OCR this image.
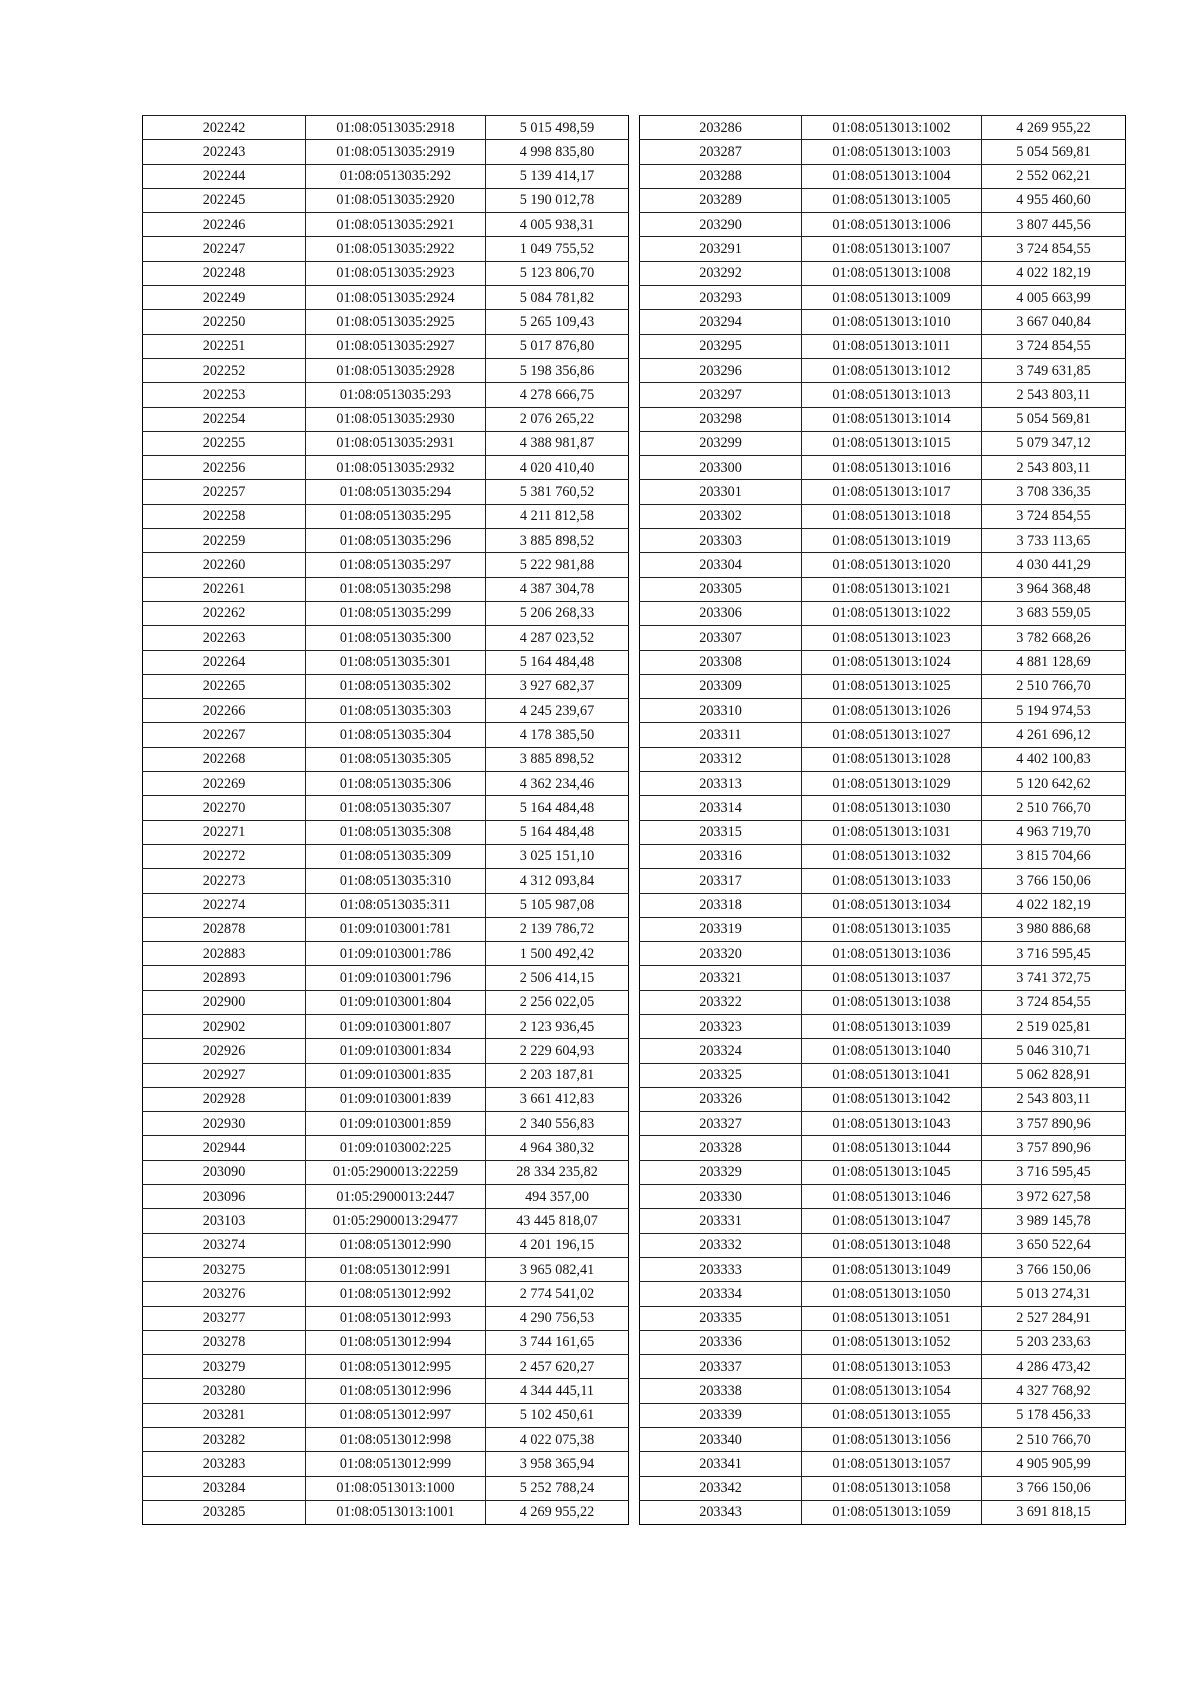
202242	01:08:0513035:2918	5 015 498,59
202243	01:08:0513035:2919	4 998 835,80
202244	01:08:0513035:292	5 139 414,17
202245	01:08:0513035:2920	5 190 012,78
202246	01:08:0513035:2921	4 005 938,31
202247	01:08:0513035:2922	1 049 755,52
202248	01:08:0513035:2923	5 123 806,70
202249	01:08:0513035:2924	5 084 781,82
202250	01:08:0513035:2925	5 265 109,43
202251	01:08:0513035:2927	5 017 876,80
202252	01:08:0513035:2928	5 198 356,86
202253	01:08:0513035:293	4 278 666,75
202254	01:08:0513035:2930	2 076 265,22
202255	01:08:0513035:2931	4 388 981,87
202256	01:08:0513035:2932	4 020 410,40
202257	01:08:0513035:294	5 381 760,52
202258	01:08:0513035:295	4 211 812,58
202259	01:08:0513035:296	3 885 898,52
202260	01:08:0513035:297	5 222 981,88
202261	01:08:0513035:298	4 387 304,78
202262	01:08:0513035:299	5 206 268,33
202263	01:08:0513035:300	4 287 023,52
202264	01:08:0513035:301	5 164 484,48
202265	01:08:0513035:302	3 927 682,37
202266	01:08:0513035:303	4 245 239,67
202267	01:08:0513035:304	4 178 385,50
202268	01:08:0513035:305	3 885 898,52
202269	01:08:0513035:306	4 362 234,46
202270	01:08:0513035:307	5 164 484,48
202271	01:08:0513035:308	5 164 484,48
202272	01:08:0513035:309	3 025 151,10
202273	01:08:0513035:310	4 312 093,84
202274	01:08:0513035:311	5 105 987,08
202878	01:09:0103001:781	2 139 786,72
202883	01:09:0103001:786	1 500 492,42
202893	01:09:0103001:796	2 506 414,15
202900	01:09:0103001:804	2 256 022,05
202902	01:09:0103001:807	2 123 936,45
202926	01:09:0103001:834	2 229 604,93
202927	01:09:0103001:835	2 203 187,81
202928	01:09:0103001:839	3 661 412,83
202930	01:09:0103001:859	2 340 556,83
202944	01:09:0103002:225	4 964 380,32
203090	01:05:2900013:22259	28 334 235,82
203096	01:05:2900013:2447	494 357,00
203103	01:05:2900013:29477	43 445 818,07
203274	01:08:0513012:990	4 201 196,15
203275	01:08:0513012:991	3 965 082,41
203276	01:08:0513012:992	2 774 541,02
203277	01:08:0513012:993	4 290 756,53
203278	01:08:0513012:994	3 744 161,65
203279	01:08:0513012:995	2 457 620,27
203280	01:08:0513012:996	4 344 445,11
203281	01:08:0513012:997	5 102 450,61
203282	01:08:0513012:998	4 022 075,38
203283	01:08:0513012:999	3 958 365,94
203284	01:08:0513013:1000	5 252 788,24
203285	01:08:0513013:1001	4 269 955,22
203286	01:08:0513013:1002	4 269 955,22
203287	01:08:0513013:1003	5 054 569,81
203288	01:08:0513013:1004	2 552 062,21
203289	01:08:0513013:1005	4 955 460,60
203290	01:08:0513013:1006	3 807 445,56
203291	01:08:0513013:1007	3 724 854,55
203292	01:08:0513013:1008	4 022 182,19
203293	01:08:0513013:1009	4 005 663,99
203294	01:08:0513013:1010	3 667 040,84
203295	01:08:0513013:1011	3 724 854,55
203296	01:08:0513013:1012	3 749 631,85
203297	01:08:0513013:1013	2 543 803,11
203298	01:08:0513013:1014	5 054 569,81
203299	01:08:0513013:1015	5 079 347,12
203300	01:08:0513013:1016	2 543 803,11
203301	01:08:0513013:1017	3 708 336,35
203302	01:08:0513013:1018	3 724 854,55
203303	01:08:0513013:1019	3 733 113,65
203304	01:08:0513013:1020	4 030 441,29
203305	01:08:0513013:1021	3 964 368,48
203306	01:08:0513013:1022	3 683 559,05
203307	01:08:0513013:1023	3 782 668,26
203308	01:08:0513013:1024	4 881 128,69
203309	01:08:0513013:1025	2 510 766,70
203310	01:08:0513013:1026	5 194 974,53
203311	01:08:0513013:1027	4 261 696,12
203312	01:08:0513013:1028	4 402 100,83
203313	01:08:0513013:1029	5 120 642,62
203314	01:08:0513013:1030	2 510 766,70
203315	01:08:0513013:1031	4 963 719,70
203316	01:08:0513013:1032	3 815 704,66
203317	01:08:0513013:1033	3 766 150,06
203318	01:08:0513013:1034	4 022 182,19
203319	01:08:0513013:1035	3 980 886,68
203320	01:08:0513013:1036	3 716 595,45
203321	01:08:0513013:1037	3 741 372,75
203322	01:08:0513013:1038	3 724 854,55
203323	01:08:0513013:1039	2 519 025,81
203324	01:08:0513013:1040	5 046 310,71
203325	01:08:0513013:1041	5 062 828,91
203326	01:08:0513013:1042	2 543 803,11
203327	01:08:0513013:1043	3 757 890,96
203328	01:08:0513013:1044	3 757 890,96
203329	01:08:0513013:1045	3 716 595,45
203330	01:08:0513013:1046	3 972 627,58
203331	01:08:0513013:1047	3 989 145,78
203332	01:08:0513013:1048	3 650 522,64
203333	01:08:0513013:1049	3 766 150,06
203334	01:08:0513013:1050	5 013 274,31
203335	01:08:0513013:1051	2 527 284,91
203336	01:08:0513013:1052	5 203 233,63
203337	01:08:0513013:1053	4 286 473,42
203338	01:08:0513013:1054	4 327 768,92
203339	01:08:0513013:1055	5 178 456,33
203340	01:08:0513013:1056	2 510 766,70
203341	01:08:0513013:1057	4 905 905,99
203342	01:08:0513013:1058	3 766 150,06
203343	01:08:0513013:1059	3 691 818,15
